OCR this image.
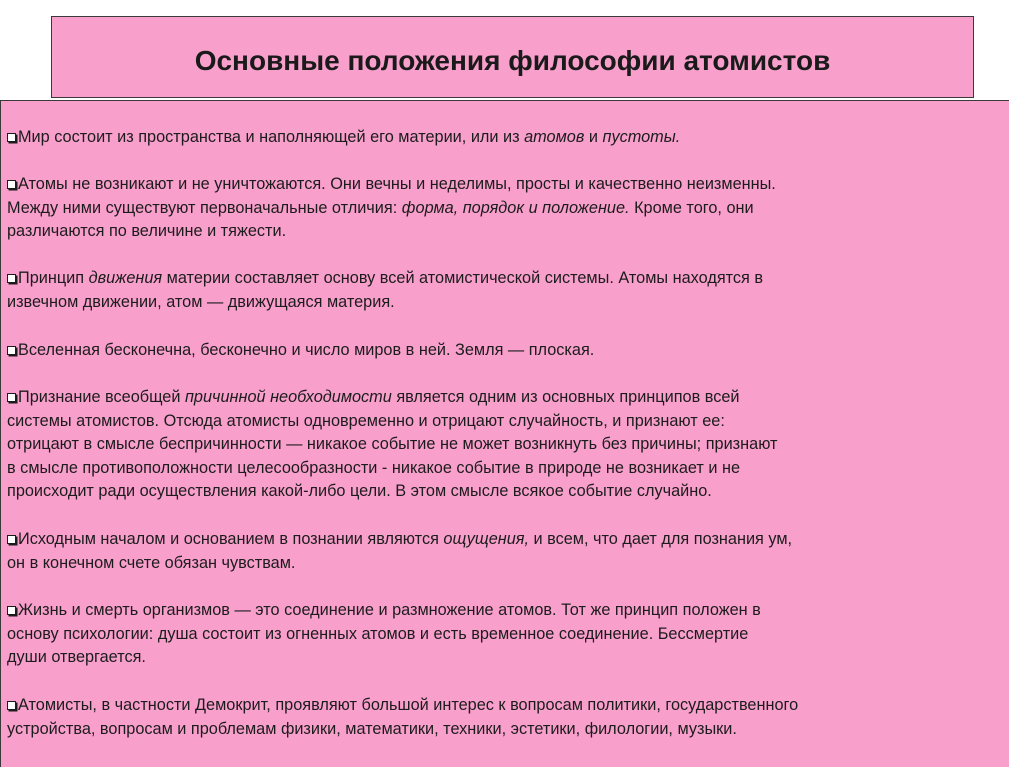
Основные положения философии атомистов
Мир состоит из пространства и наполняющей его материи, или из атомов и пустоты.
Атомы не возникают и не уничтожаются. Они вечны и неделимы, просты и качественно неизменны.
Между ними существуют первоначальные отличия: форма, порядок и положение. Кроме того, они
различаются по величине и тяжести.
Принцип движения материи составляет основу всей атомистической системы. Атомы находятся в
извечном движении, атом — движущаяся материя.
Вселенная бесконечна, бесконечно и число миров в ней. Земля — плоская.
Признание всеобщей причинной необходимости является одним из основных принципов всей
системы атомистов. Отсюда атомисты одновременно и отрицают случайность, и признают ее:
отрицают в смысле беспричинности — никакое событие не может возникнуть без причины; признают
в смысле противоположности целесообразности - никакое событие в природе не возникает и не
происходит ради осуществления какой-либо цели. В этом смысле всякое событие случайно.
Исходным началом и основанием в познании являются ощущения, и всем, что дает для познания ум,
он в конечном счете обязан чувствам.
Жизнь и смерть организмов — это соединение и размножение атомов. Тот же принцип положен в
основу психологии: душа состоит из огненных атомов и есть временное соединение. Бессмертие
души отвергается.
Атомисты, в частности Демокрит, проявляют большой интерес к вопросам политики, государственного
устройства, вопросам и проблемам физики, математики, техники, эстетики, филологии, музыки.
